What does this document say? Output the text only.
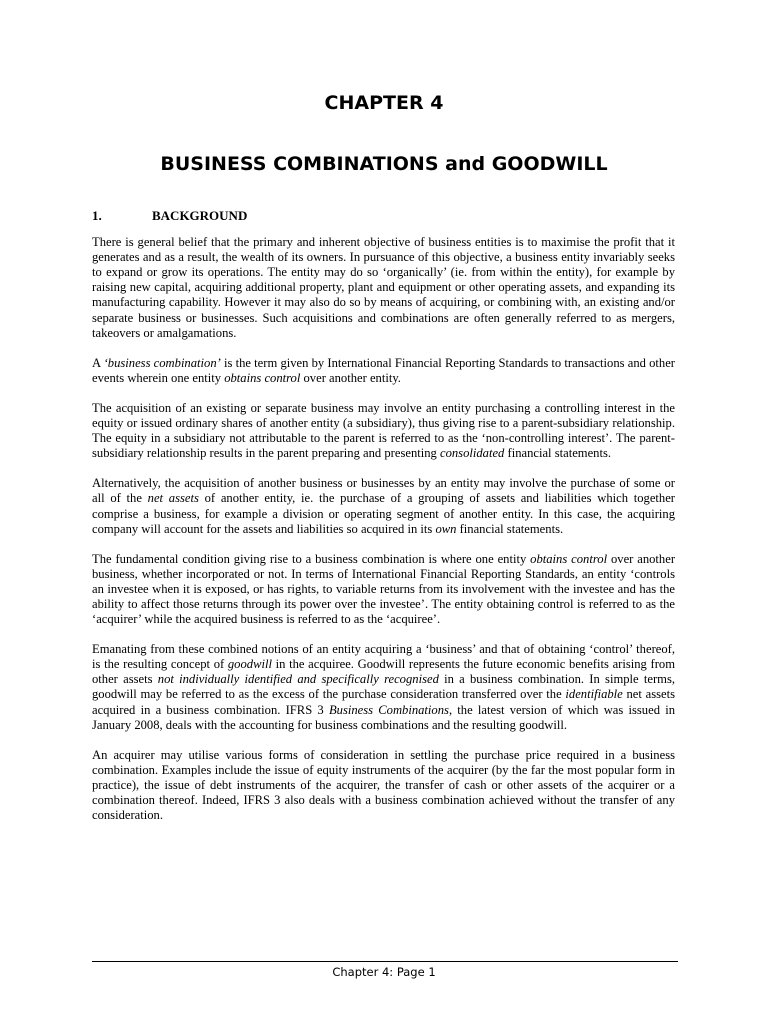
CHAPTER 4
BUSINESS COMBINATIONS and GOODWILL
1.	BACKGROUND

There is general belief that the primary and inherent objective of business entities is to maximise the profit that it generates and as a result, the wealth of its owners. In pursuance of this objective, a business entity invariably seeks to expand or grow its operations. The entity may do so ‘organically’ (ie. from within the entity), for example by raising new capital, acquiring additional property, plant and equipment or other operating assets, and expanding its manufacturing capability. However it may also do so by means of acquiring, or combining with, an existing and/or separate business or businesses. Such acquisitions and combinations are often generally referred to as mergers, takeovers or amalgamations.

A ‘business combination’ is the term given by International Financial Reporting Standards to transactions and other events wherein one entity obtains control over another entity.

The acquisition of an existing or separate business may involve an entity purchasing a controlling interest in the equity or issued ordinary shares of another entity (a subsidiary), thus giving rise to a parent-subsidiary relationship. The equity in a subsidiary not attributable to the parent is referred to as the ‘non-controlling interest’. The parent-subsidiary relationship results in the parent preparing and presenting consolidated financial statements.

Alternatively, the acquisition of another business or businesses by an entity may involve the purchase of some or all of the net assets of another entity, ie. the purchase of a grouping of assets and liabilities which together comprise a business, for example a division or operating segment of another entity. In this case, the acquiring company will account for the assets and liabilities so acquired in its own financial statements.

The fundamental condition giving rise to a business combination is where one entity obtains control over another business, whether incorporated or not. In terms of International Financial Reporting Standards, an entity ‘controls an investee when it is exposed, or has rights, to variable returns from its involvement with the investee and has the ability to affect those returns through its power over the investee’. The entity obtaining control is referred to as the ‘acquirer’ while the acquired business is referred to as the ‘acquiree’.

Emanating from these combined notions of an entity acquiring a ‘business’ and that of obtaining ‘control’ thereof, is the resulting concept of goodwill in the acquiree. Goodwill represents the future economic benefits arising from other assets not individually identified and specifically recognised in a business combination. In simple terms, goodwill may be referred to as the excess of the purchase consideration transferred over the identifiable net assets acquired in a business combination. IFRS 3 Business Combinations, the latest version of which was issued in January 2008, deals with the accounting for business combinations and the resulting goodwill.

An acquirer may utilise various forms of consideration in settling the purchase price required in a business combination. Examples include the issue of equity instruments of the acquirer (by the far the most popular form in practice), the issue of debt instruments of the acquirer, the transfer of cash or other assets of the acquirer or a combination thereof. Indeed, IFRS 3 also deals with a business combination achieved without the transfer of any consideration.

Chapter 4: Page 1
